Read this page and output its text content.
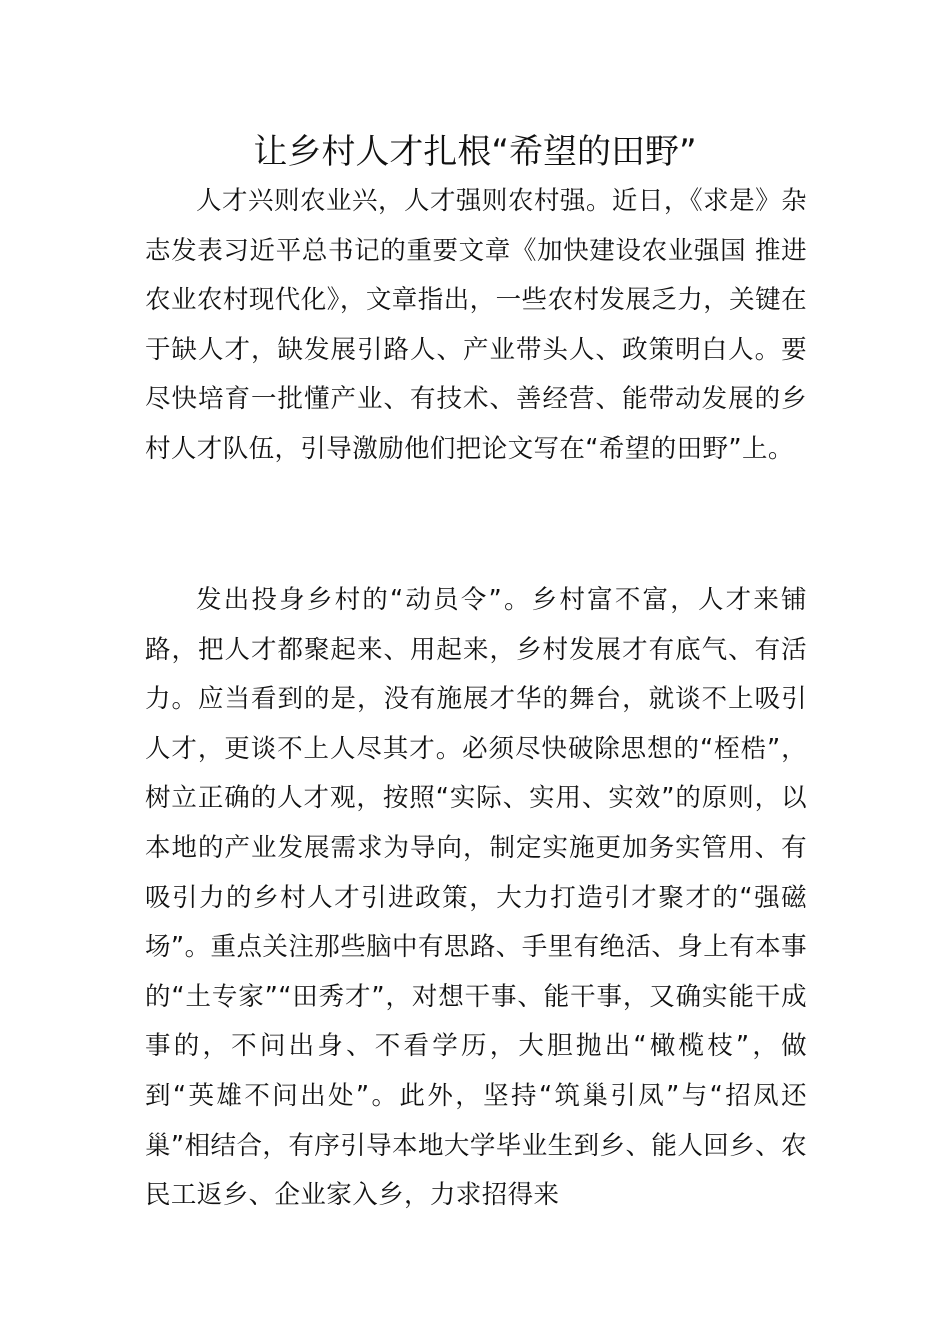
让乡村人才扎根“希望的田野”

人才兴则农业兴，人才强则农村强。近日，《求是》杂志发表习近平总书记的重要文章《加快建设农业强国 推进农业农村现代化》，文章指出，一些农村发展乏力，关键在于缺人才，缺发展引路人、产业带头人、政策明白人。要尽快培育一批懂产业、有技术、善经营、能带动发展的乡村人才队伍，引导激励他们把论文写在“希望的田野”上。

发出投身乡村的“动员令”。乡村富不富，人才来铺路，把人才都聚起来、用起来，乡村发展才有底气、有活力。应当看到的是，没有施展才华的舞台，就谈不上吸引人才，更谈不上人尽其才。必须尽快破除思想的“桎梏”，树立正确的人才观，按照“实际、实用、实效”的原则，以本地的产业发展需求为导向，制定实施更加务实管用、有吸引力的乡村人才引进政策，大力打造引才聚才的“强磁场”。重点关注那些脑中有思路、手里有绝活、身上有本事的“土专家”“田秀才”，对想干事、能干事，又确实能干成事的，不问出身、不看学历，大胆抛出“橄榄枝”，做到“英雄不问出处”。此外，坚持“筑巢引凤”与“招凤还巢”相结合，有序引导本地大学毕业生到乡、能人回乡、农民工返乡、企业家入乡，力求招得来
